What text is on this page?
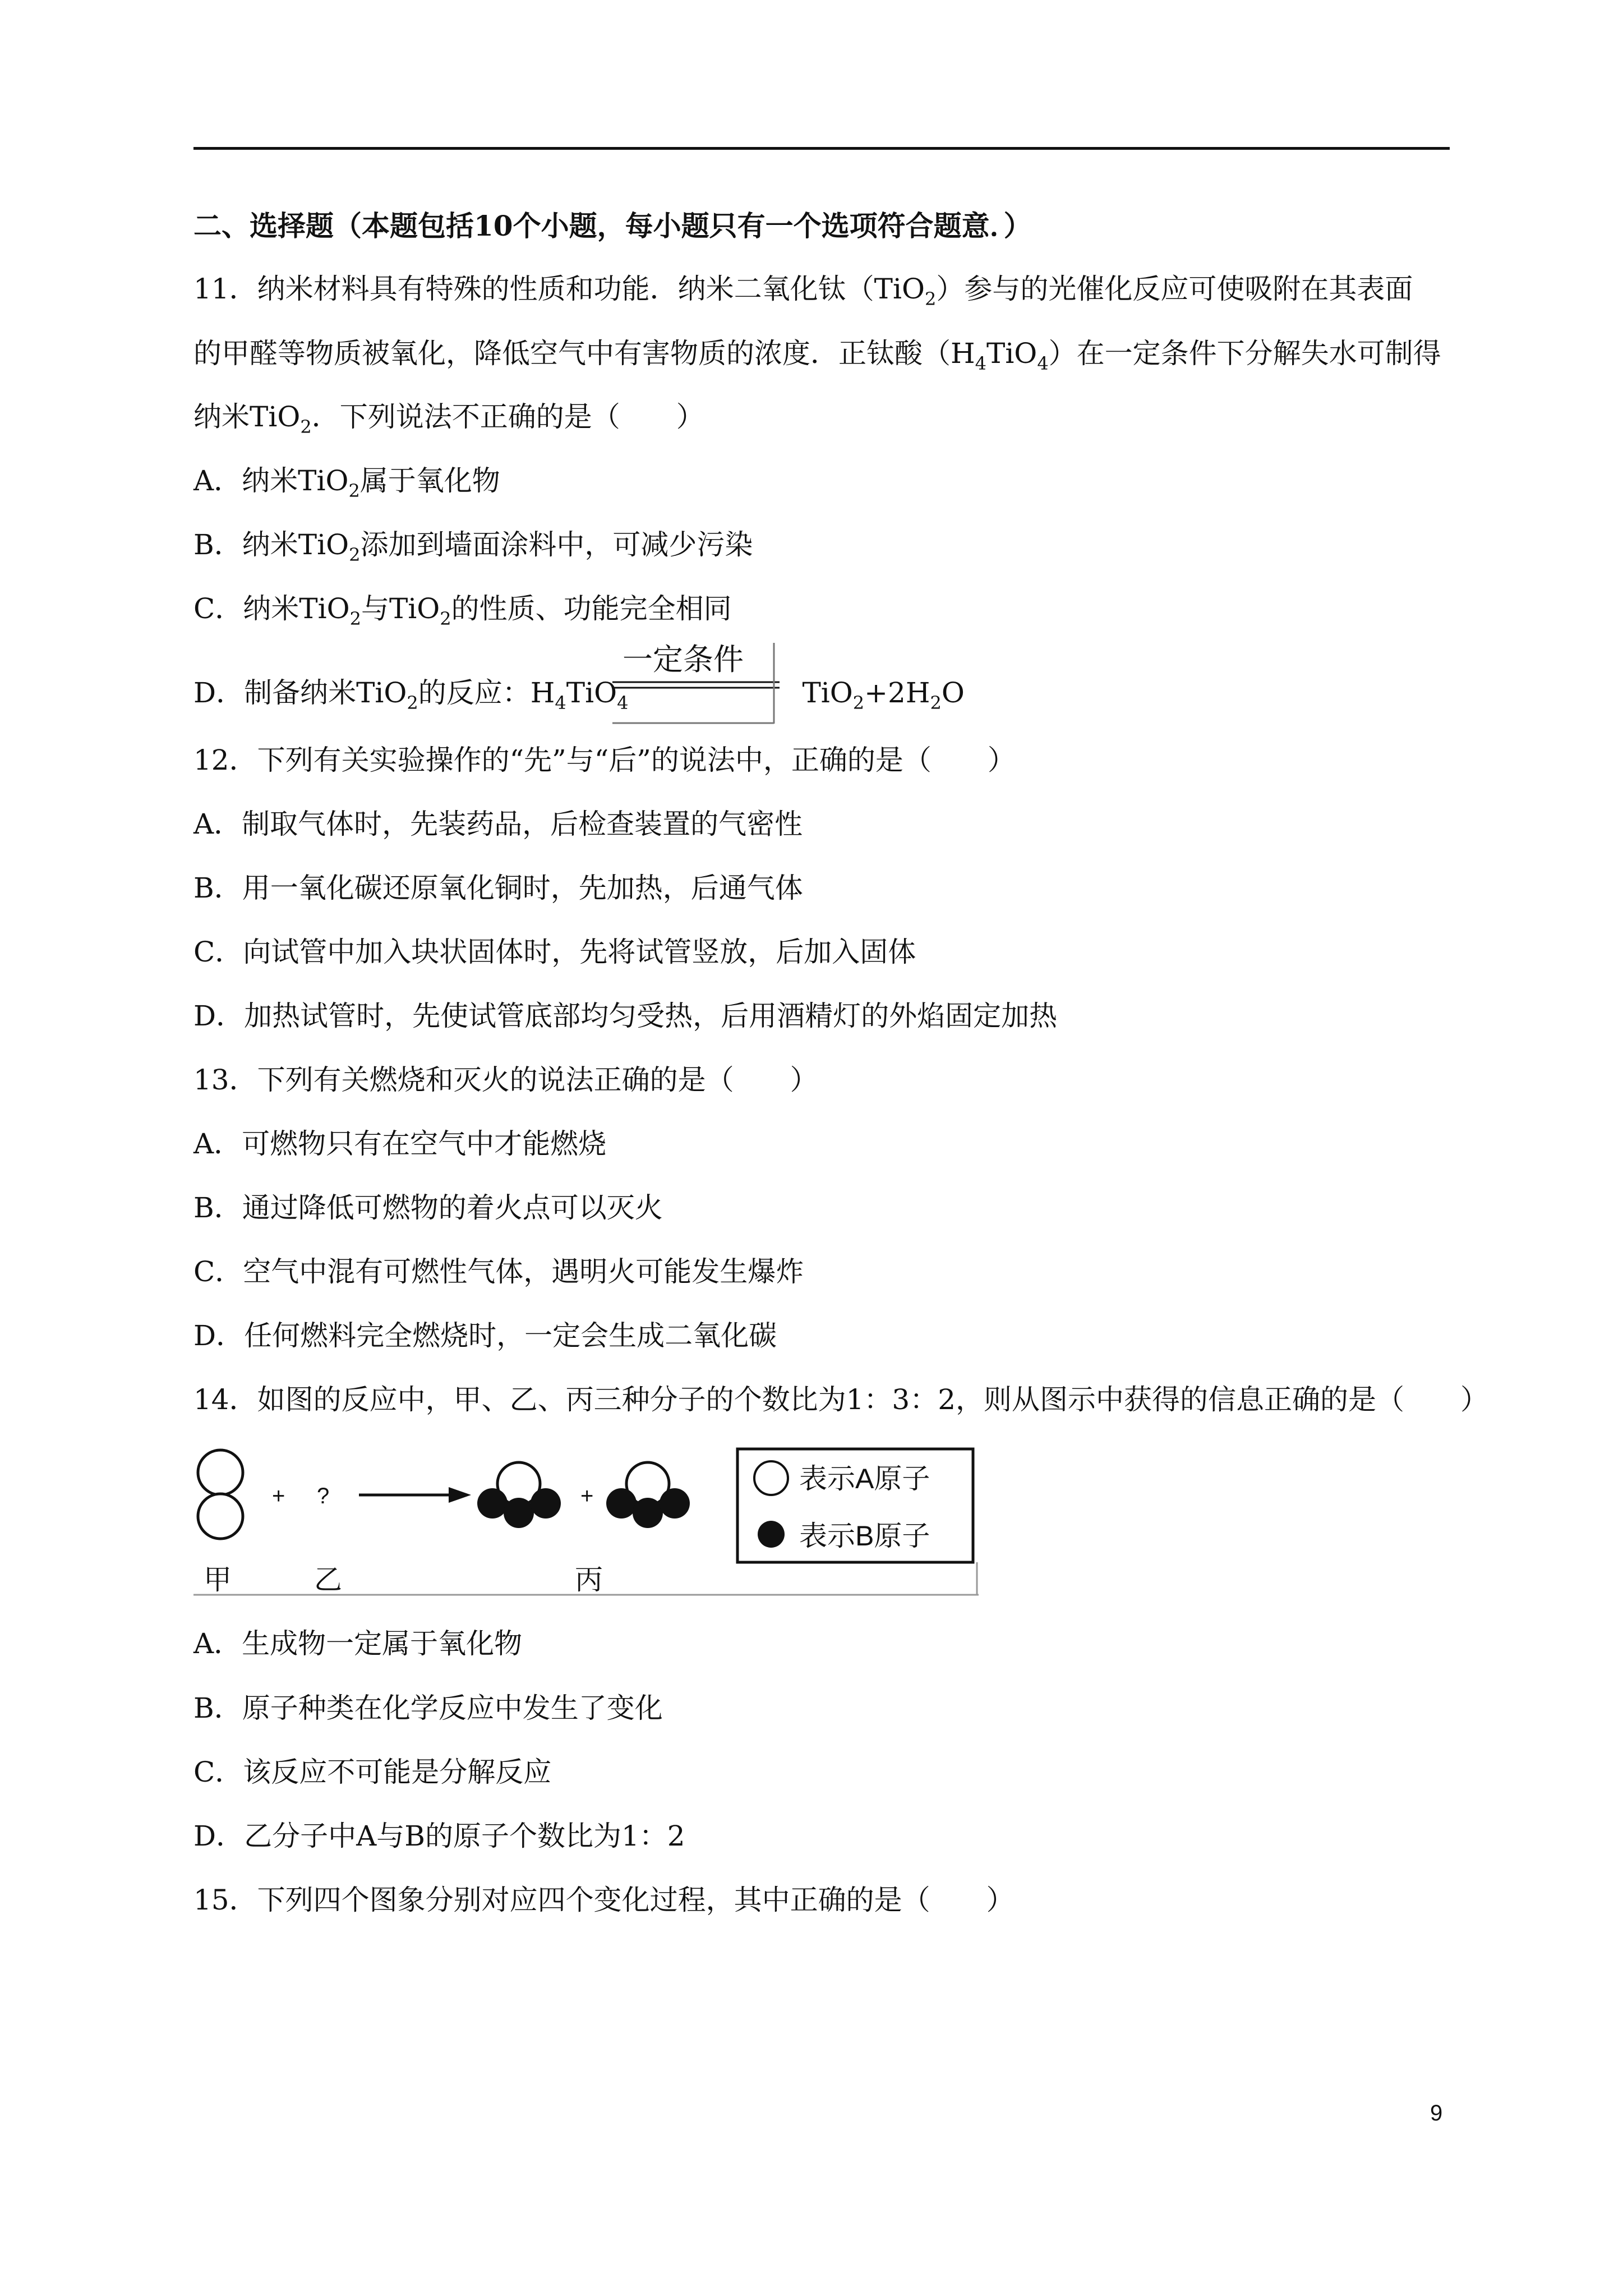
二、选择题（本题包括10个小题，每小题只有一个选项符合题意．）
11．纳米材料具有特殊的性质和功能．纳米二氧化钛（TiO$_2$）参与的光催化反应可使吸附在其表面
的甲醛等物质被氧化，降低空气中有害物质的浓度．正钛酸$(H_4TiO_4)$在一定条件下分解失水可制得
纳米TiO$_2$．下列说法不正确的是（　　）
A．纳米TiO$_2$属于氧化物
B．纳米TiO$_2$添加到墙面涂料中，可减少污染
C．纳米TiO$_2$与TiO$_2$的性质、功能完全相同
D．制备纳米TiO$_2$的反应：$H_4TiO_4$	$TiO_2+2H_2O$
一定条件
12．下列有关实验操作的“先”与“后”的说法中，正确的是（　　）
A．制取气体时，先装药品，后检查装置的气密性
B．用一氧化碳还原氧化铜时，先加热，后通气体
C．向试管中加入块状固体时，先将试管竖放，后加入固体
D．加热试管时，先使试管底部均匀受热，后用酒精灯的外焰固定加热
13．下列有关燃烧和灭火的说法正确的是（　　）
A．可燃物只有在空气中才能燃烧
B．通过降低可燃物的着火点可以灭火
C．空气中混有可燃性气体，遇明火可能发生爆炸
D．任何燃料完全燃烧时，一定会生成二氧化碳
14．如图的反应中，甲、乙、丙三种分子的个数比为1：3：2，则从图示中获得的信息正确的是（　　）
+ ?	+
表示A原子
表示B原子
甲	乙	丙
A．生成物一定属于氧化物
B．原子种类在化学反应中发生了变化
C．该反应不可能是分解反应
D．乙分子中A与B的原子个数比为1：2
15．下列四个图象分别对应四个变化过程，其中正确的是（　　）
9
